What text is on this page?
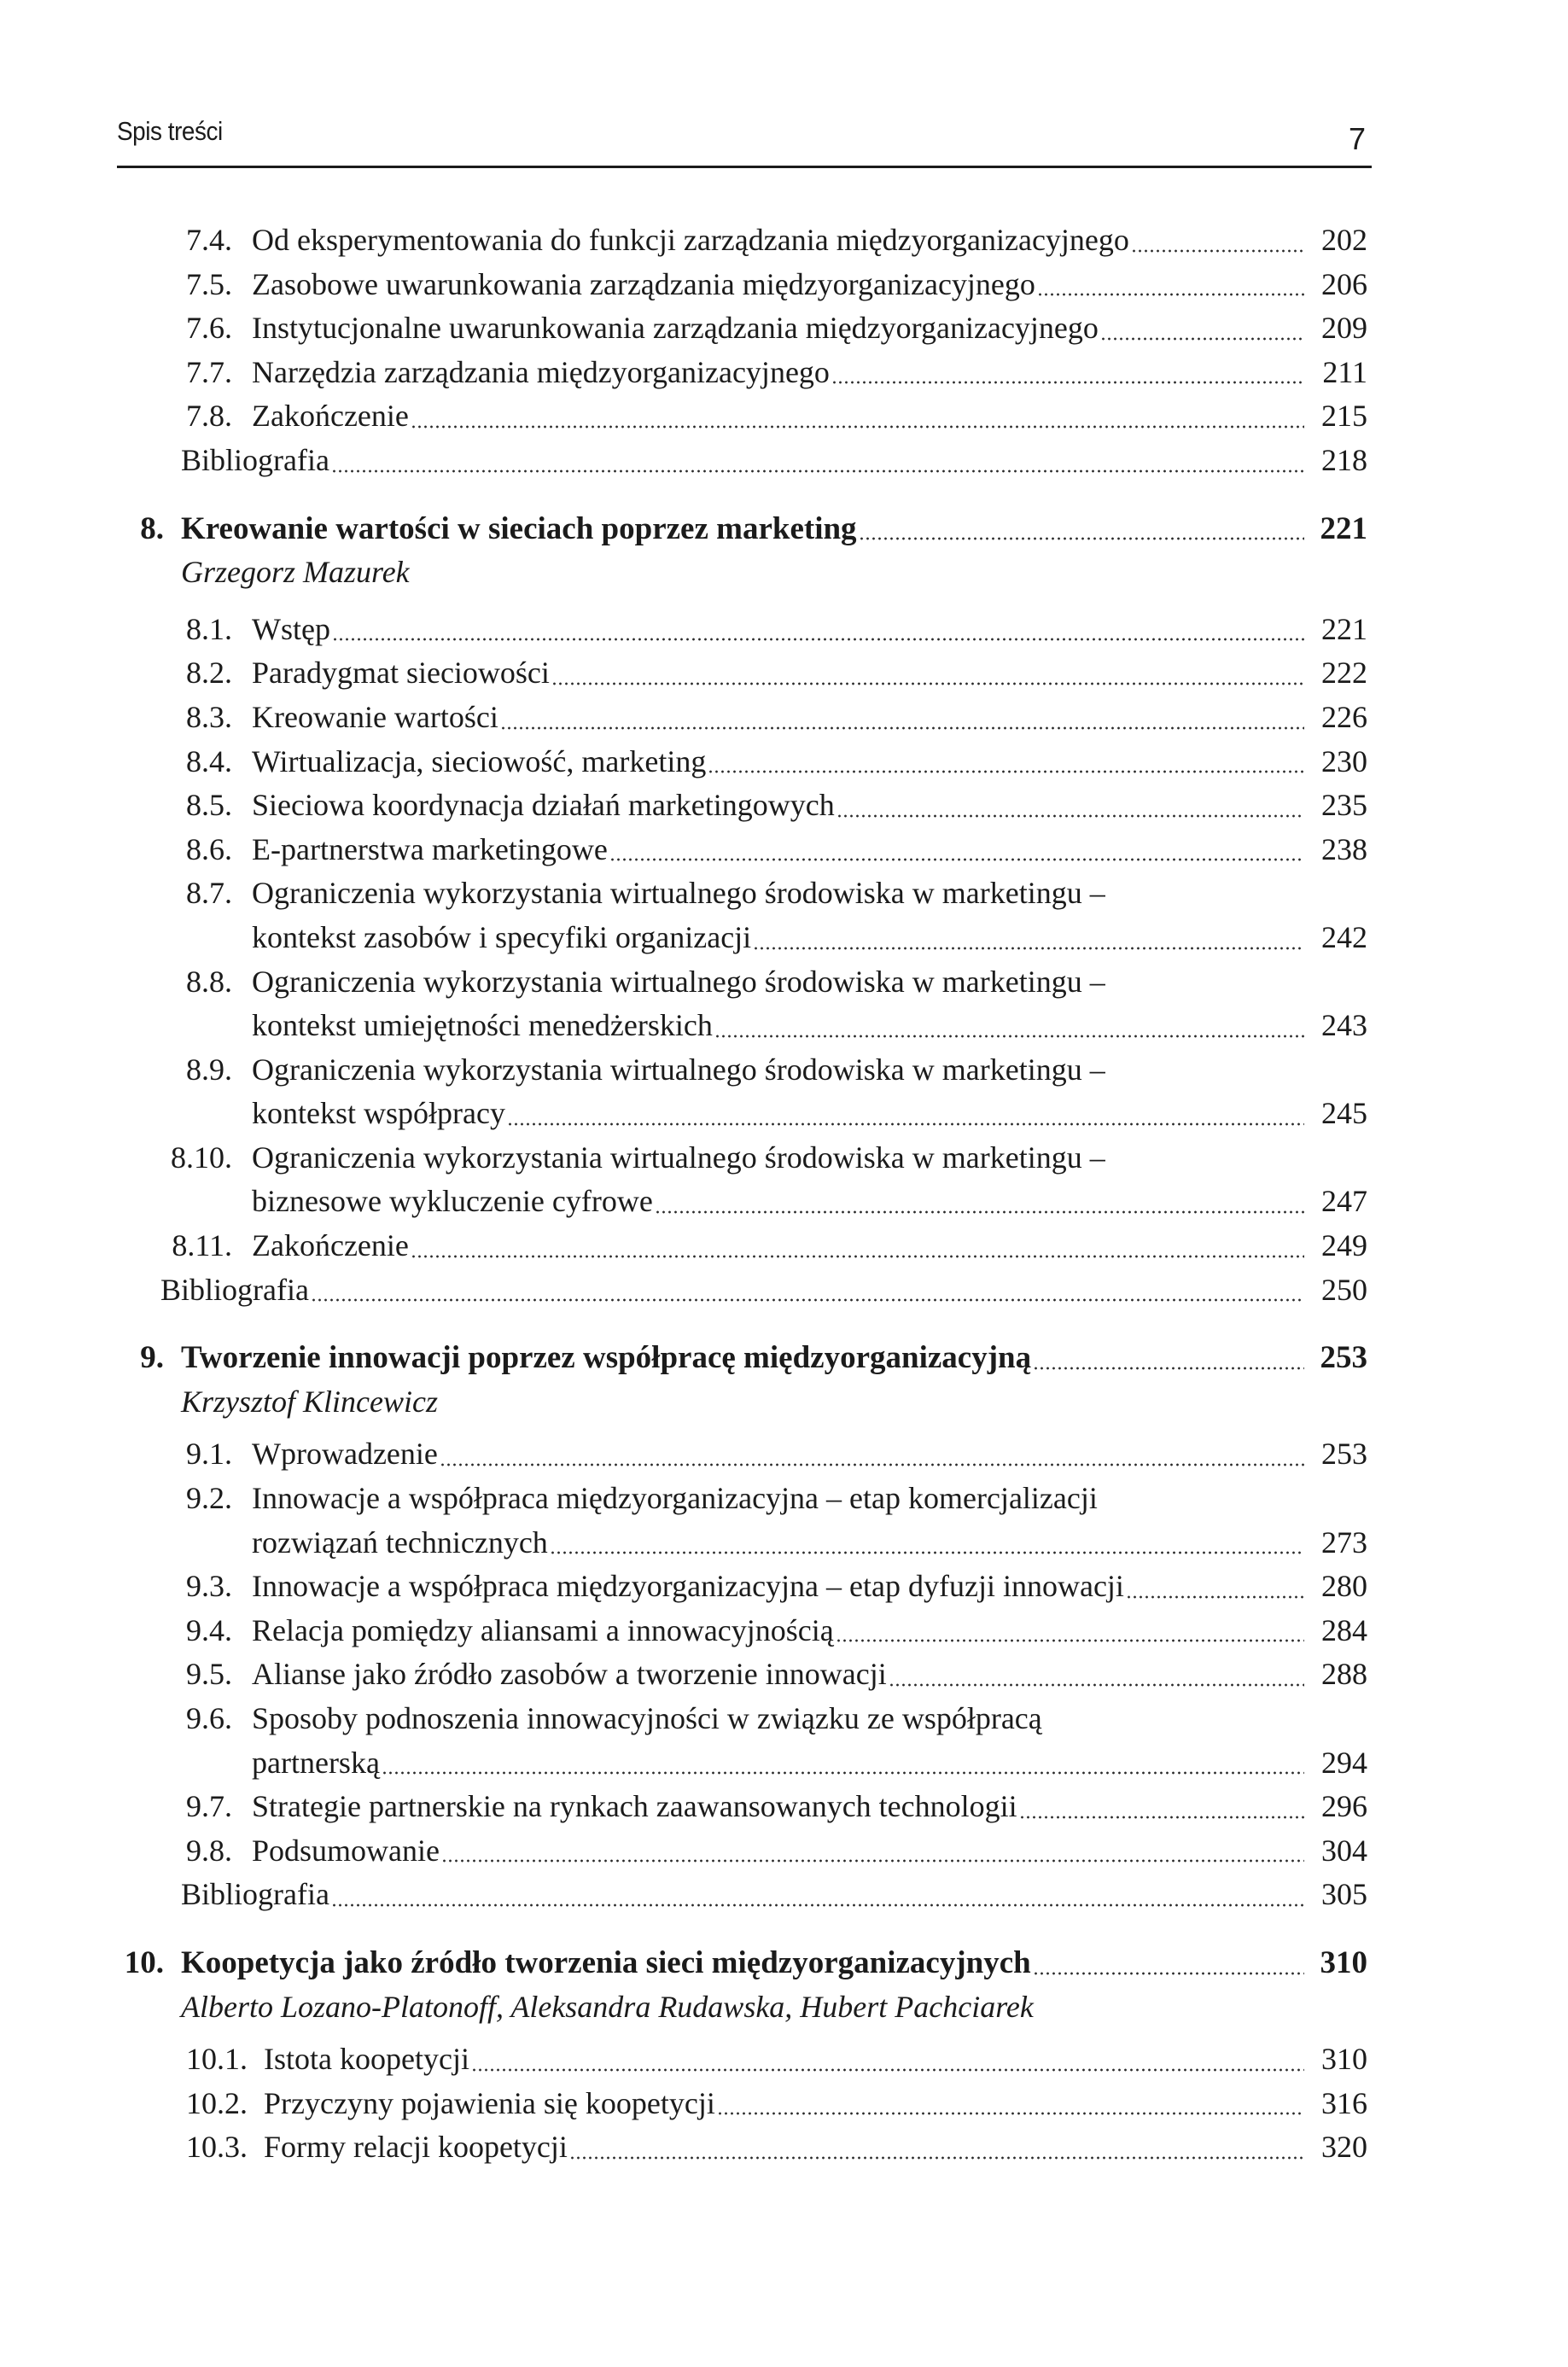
Spis treści	7
7.4. Od eksperymentowania do funkcji zarządzania międzyorganizacyjnego	202
7.5. Zasobowe uwarunkowania zarządzania międzyorganizacyjnego	206
7.6. Instytucjonalne uwarunkowania zarządzania międzyorganizacyjnego	209
7.7. Narzędzia zarządzania międzyorganizacyjnego	211
7.8. Zakończenie	215
Bibliografia	218
8. Kreowanie wartości w sieciach poprzez marketing	221
Grzegorz Mazurek
8.1. Wstęp	221
8.2. Paradygmat sieciowości	222
8.3. Kreowanie wartości	226
8.4. Wirtualizacja, sieciowość, marketing	230
8.5. Sieciowa koordynacja działań marketingowych	235
8.6. E-partnerstwa marketingowe	238
8.7. Ograniczenia wykorzystania wirtualnego środowiska w marketingu –
kontekst zasobów i specyfiki organizacji	242
8.8. Ograniczenia wykorzystania wirtualnego środowiska w marketingu –
kontekst umiejętności menedżerskich	243
8.9. Ograniczenia wykorzystania wirtualnego środowiska w marketingu –
kontekst współpracy	245
8.10. Ograniczenia wykorzystania wirtualnego środowiska w marketingu –
biznesowe wykluczenie cyfrowe	247
8.11. Zakończenie	249
Bibliografia	250
9. Tworzenie innowacji poprzez współpracę międzyorganizacyjną	253
Krzysztof Klincewicz
9.1. Wprowadzenie	253
9.2. Innowacje a współpraca międzyorganizacyjna – etap komercjalizacji
rozwiązań technicznych	273
9.3. Innowacje a współpraca międzyorganizacyjna – etap dyfuzji innowacji	280
9.4. Relacja pomiędzy aliansami a innowacyjnością	284
9.5. Alianse jako źródło zasobów a tworzenie innowacji	288
9.6. Sposoby podnoszenia innowacyjności w związku ze współpracą
partnerską	294
9.7. Strategie partnerskie na rynkach zaawansowanych technologii	296
9.8. Podsumowanie	304
Bibliografia	305
10. Koopetycja jako źródło tworzenia sieci międzyorganizacyjnych	310
Alberto Lozano-Platonoff, Aleksandra Rudawska, Hubert Pachciarek
10.1. Istota koopetycji	310
10.2. Przyczyny pojawienia się koopetycji	316
10.3. Formy relacji koopetycji	320
